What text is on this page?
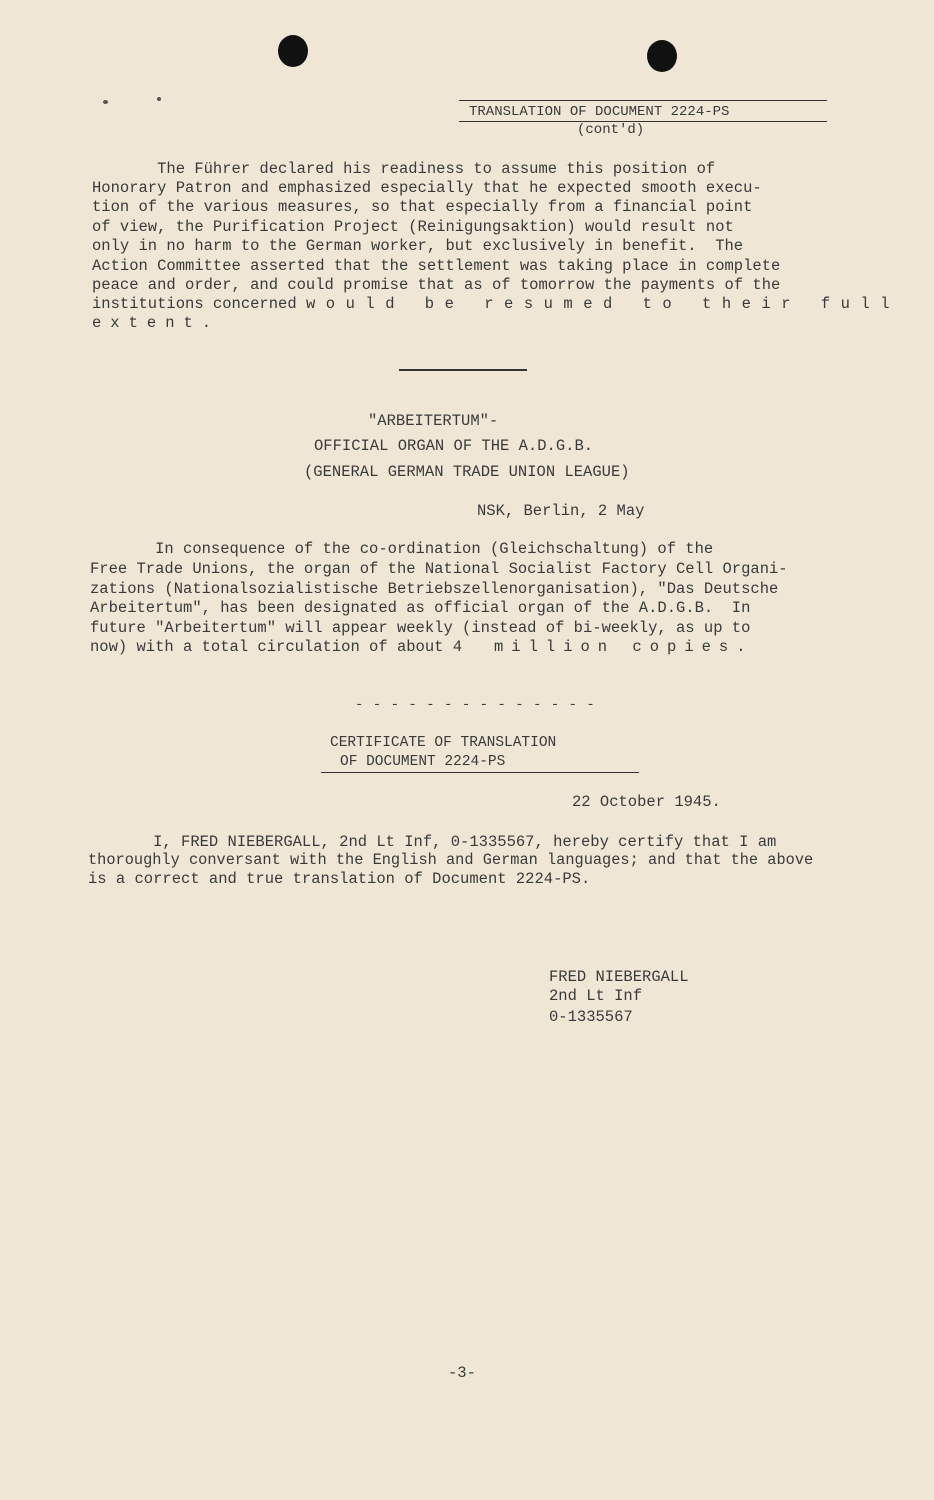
TRANSLATION OF DOCUMENT 2224-PS
(cont'd)
The Führer declared his readiness to assume this position of
Honorary Patron and emphasized especially that he expected smooth execu-
tion of the various measures, so that especially from a financial point
of view, the Purification Project (Reinigungsaktion) would result not
only in no harm to the German worker, but exclusively in benefit.  The
Action Committee asserted that the settlement was taking place in complete
peace and order, and could promise that as of tomorrow the payments of the
institutions concerned would be resumed to their full
extent.
"ARBEITERTUM"-
OFFICIAL ORGAN OF THE A.D.G.B.
(GENERAL GERMAN TRADE UNION LEAGUE)
NSK, Berlin, 2 May
In consequence of the co-ordination (Gleichschaltung) of the
Free Trade Unions, the organ of the National Socialist Factory Cell Organi-
zations (Nationalsozialistische Betriebszellenorganisation), "Das Deutsche
Arbeitertum", has been designated as official organ of the A.D.G.B.  In
future "Arbeitertum" will appear weekly (instead of bi-weekly, as up to
now) with a total circulation of about 4 million copies.
- - - - - - - - - - - - - -
CERTIFICATE OF TRANSLATION
OF DOCUMENT 2224-PS
22 October 1945.
I, FRED NIEBERGALL, 2nd Lt Inf, 0-1335567, hereby certify that I am
thoroughly conversant with the English and German languages; and that the above
is a correct and true translation of Document 2224-PS.
FRED NIEBERGALL
2nd Lt Inf
0-1335567
-3-
